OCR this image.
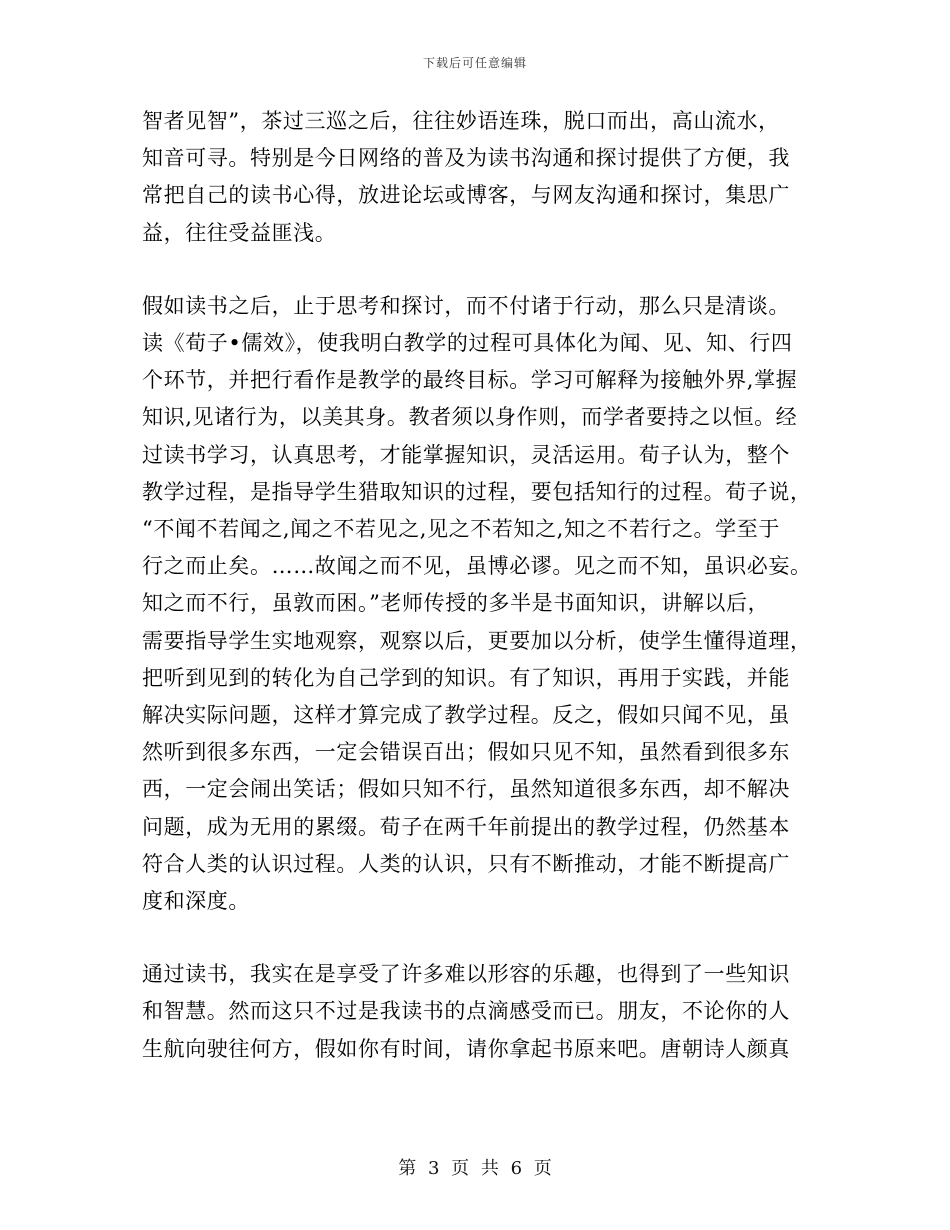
下载后可任意编辑

智者见智”，茶过三巡之后，往往妙语连珠，脱口而出，高山流水，
知音可寻。特别是今日网络的普及为读书沟通和探讨提供了方便，我
常把自己的读书心得，放进论坛或博客，与网友沟通和探讨，集思广
益，往往受益匪浅。

假如读书之后，止于思考和探讨，而不付诸于行动，那么只是清谈。
读《荀子•儒效》，使我明白教学的过程可具体化为闻、见、知、行四
个环节，并把行看作是教学的最终目标。学习可解释为接触外界,掌握
知识,见诸行为，以美其身。教者须以身作则，而学者要持之以恒。经
过读书学习，认真思考，才能掌握知识，灵活运用。荀子认为，整个
教学过程，是指导学生猎取知识的过程，要包括知行的过程。荀子说，
“不闻不若闻之,闻之不若见之,见之不若知之,知之不若行之。学至于
行之而止矣。……故闻之而不见，虽博必谬。见之而不知，虽识必妄。
知之而不行，虽敦而困。”老师传授的多半是书面知识，讲解以后，
需要指导学生实地观察，观察以后，更要加以分析，使学生懂得道理，
把听到见到的转化为自己学到的知识。有了知识，再用于实践，并能
解决实际问题，这样才算完成了教学过程。反之，假如只闻不见，虽
然听到很多东西，一定会错误百出；假如只见不知，虽然看到很多东
西，一定会闹出笑话；假如只知不行，虽然知道很多东西，却不解决
问题，成为无用的累缀。荀子在两千年前提出的教学过程，仍然基本
符合人类的认识过程。人类的认识，只有不断推动，才能不断提高广
度和深度。

通过读书，我实在是享受了许多难以形容的乐趣，也得到了一些知识
和智慧。然而这只不过是我读书的点滴感受而已。朋友，不论你的人
生航向驶往何方，假如你有时间，请你拿起书原来吧。唐朝诗人颜真

第 3 页 共 6 页
